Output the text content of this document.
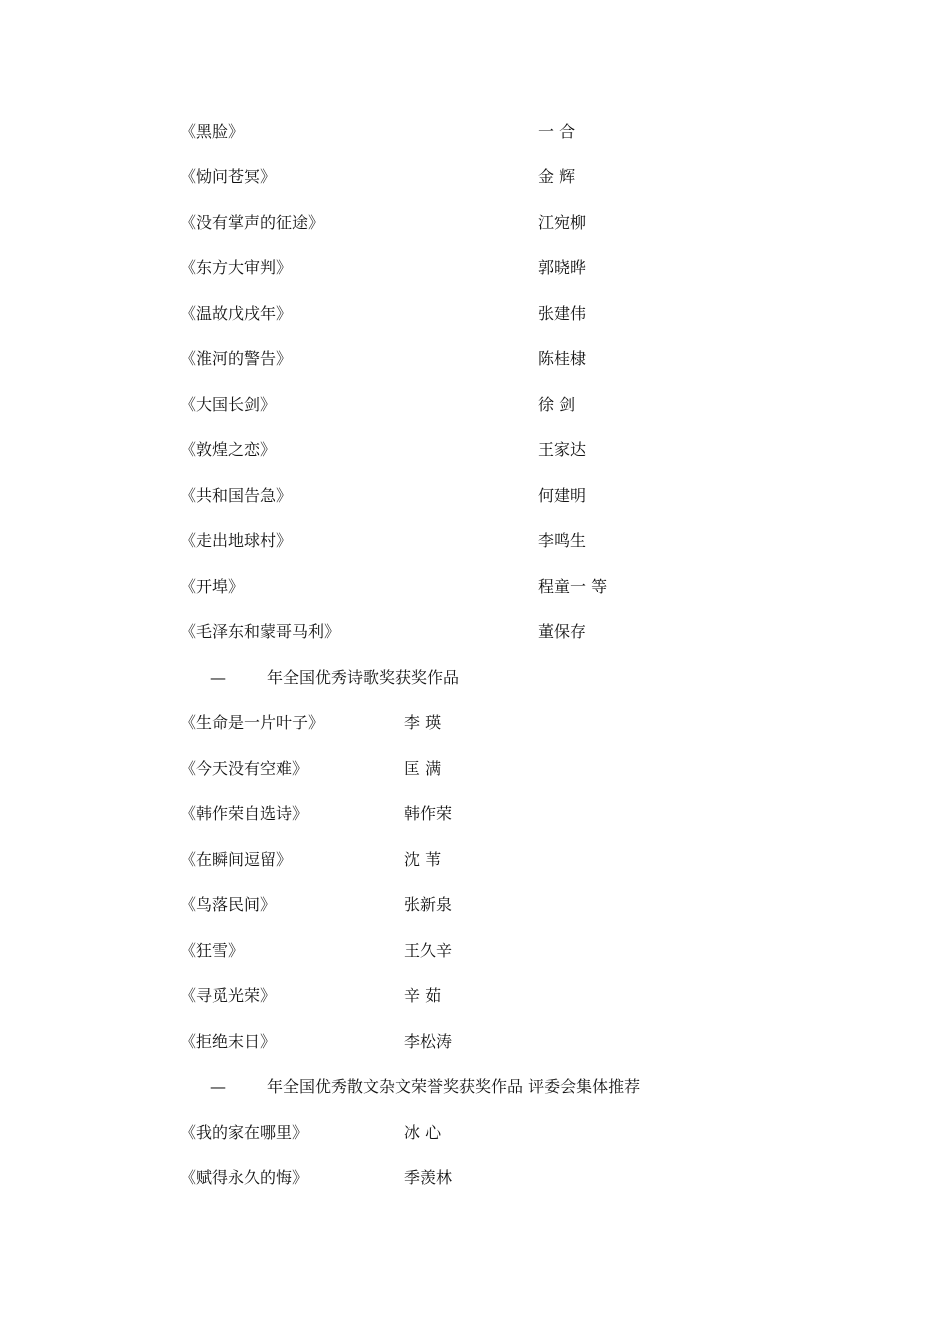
《黑脸》	一 合
《恸问苍冥》	金 辉
《没有掌声的征途》	江宛柳
《东方大审判》	郭晓晔
《温故戊戌年》	张建伟
《淮河的警告》	陈桂棣
《大国长剑》	徐 剑
《敦煌之恋》	王家达
《共和国告急》	何建明
《走出地球村》	李鸣生
《开埠》	程童一 等
《毛泽东和蒙哥马利》	董保存
—	年全国优秀诗歌奖获奖作品
《生命是一片叶子》	李 瑛
《今天没有空难》	匡 满
《韩作荣自选诗》	韩作荣
《在瞬间逗留》	沈 苇
《鸟落民间》	张新泉
《狂雪》	王久辛
《寻觅光荣》	辛 茹
《拒绝末日》	李松涛
—	年全国优秀散文杂文荣誉奖获奖作品 评委会集体推荐
《我的家在哪里》	冰 心
《赋得永久的悔》	季羡林
